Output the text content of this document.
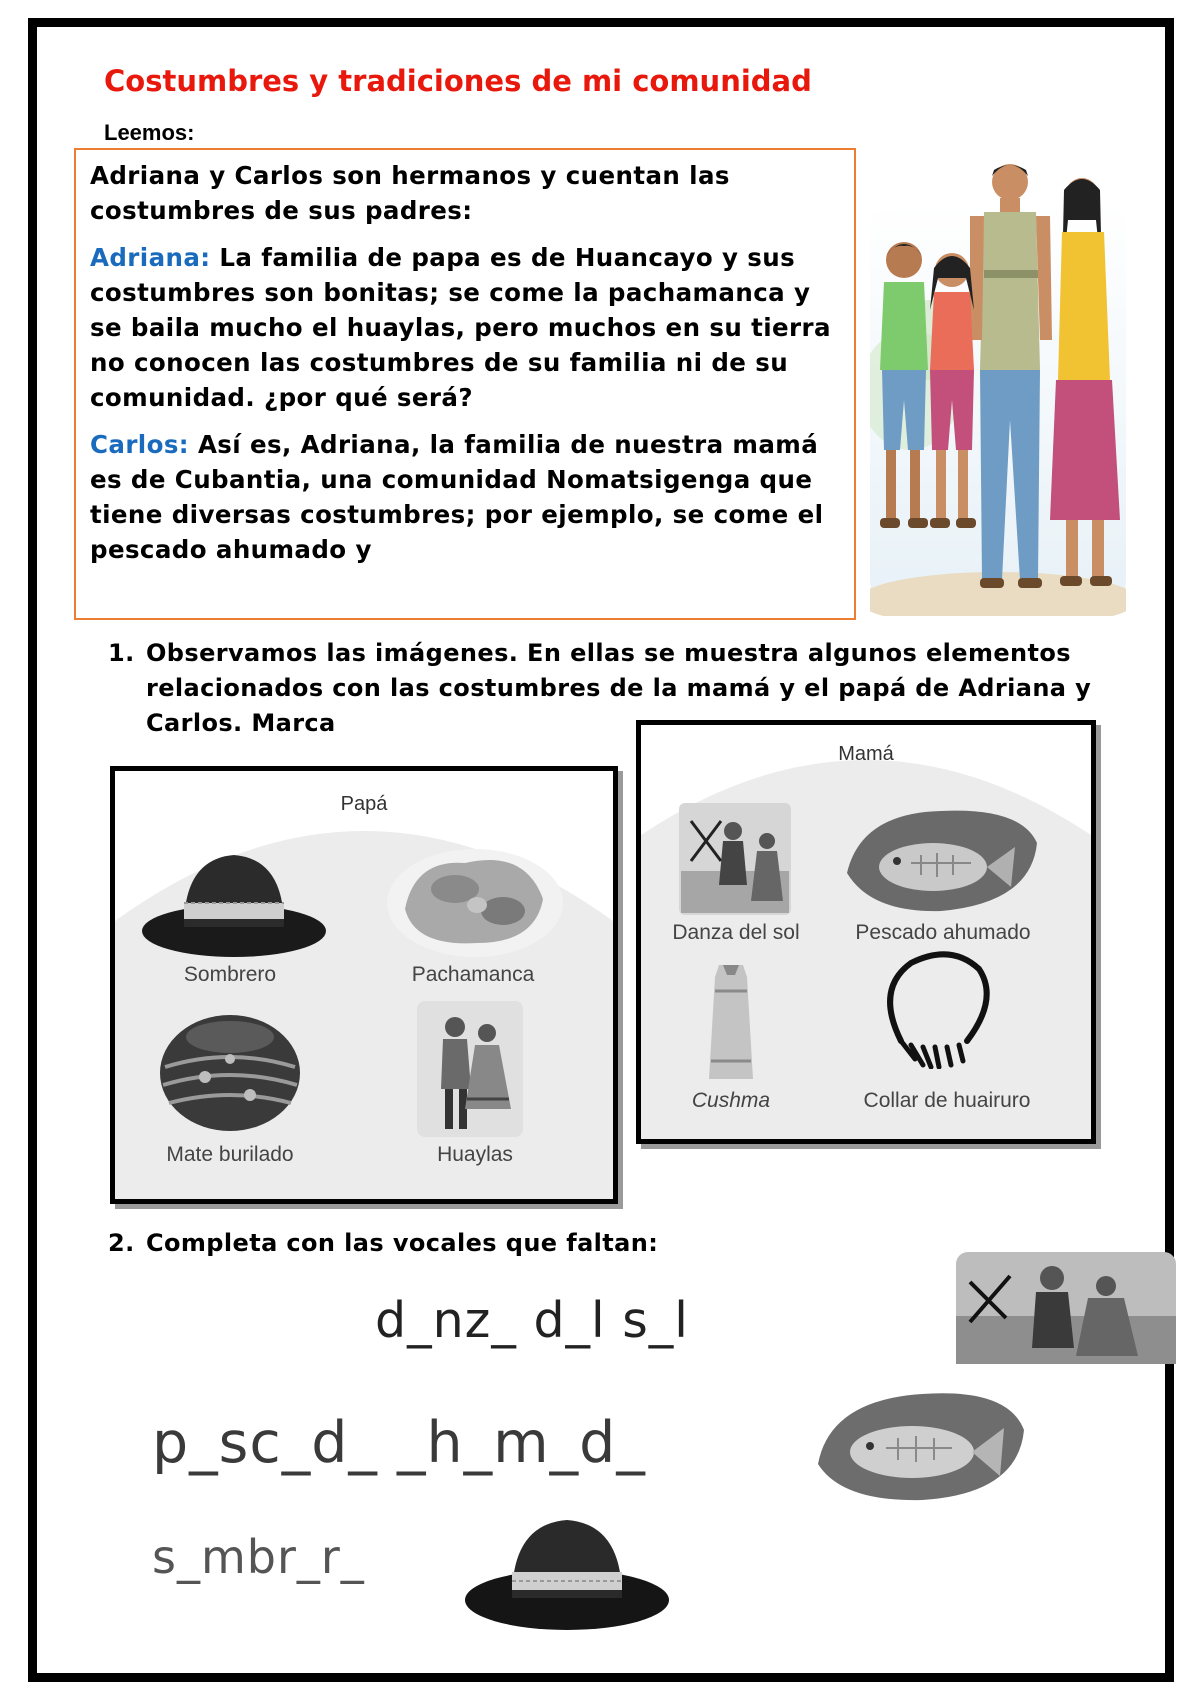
Costumbres y tradiciones de mi comunidad
Leemos:

Adriana y Carlos son hermanos y cuentan las costumbres de sus padres:

Adriana: La familia de papa es de Huancayo y sus costumbres son bonitas; se come la pachamanca y se baila mucho el huaylas, pero muchos en su tierra no conocen las costumbres de su familia ni de su comunidad. ¿por qué será?

Carlos: Así es, Adriana, la familia de nuestra mamá es de Cubantia, una comunidad Nomatsigenga que tiene diversas costumbres; por ejemplo, se come el pescado ahumado y

1. Observamos las imágenes. En ellas se muestra algunos elementos relacionados con las costumbres de la mamá y el papá de Adriana y Carlos. Marca
Papá
Sombrero	Pachamanca
Mate burilado	Huaylas
Mamá
Danza del sol	Pescado ahumado
Cushma	Collar de huairuro
2. Completa con las vocales que faltan:
d_nz_ d_l s_l
p_sc_d_ _h_m_d_
s_mbr_r_
